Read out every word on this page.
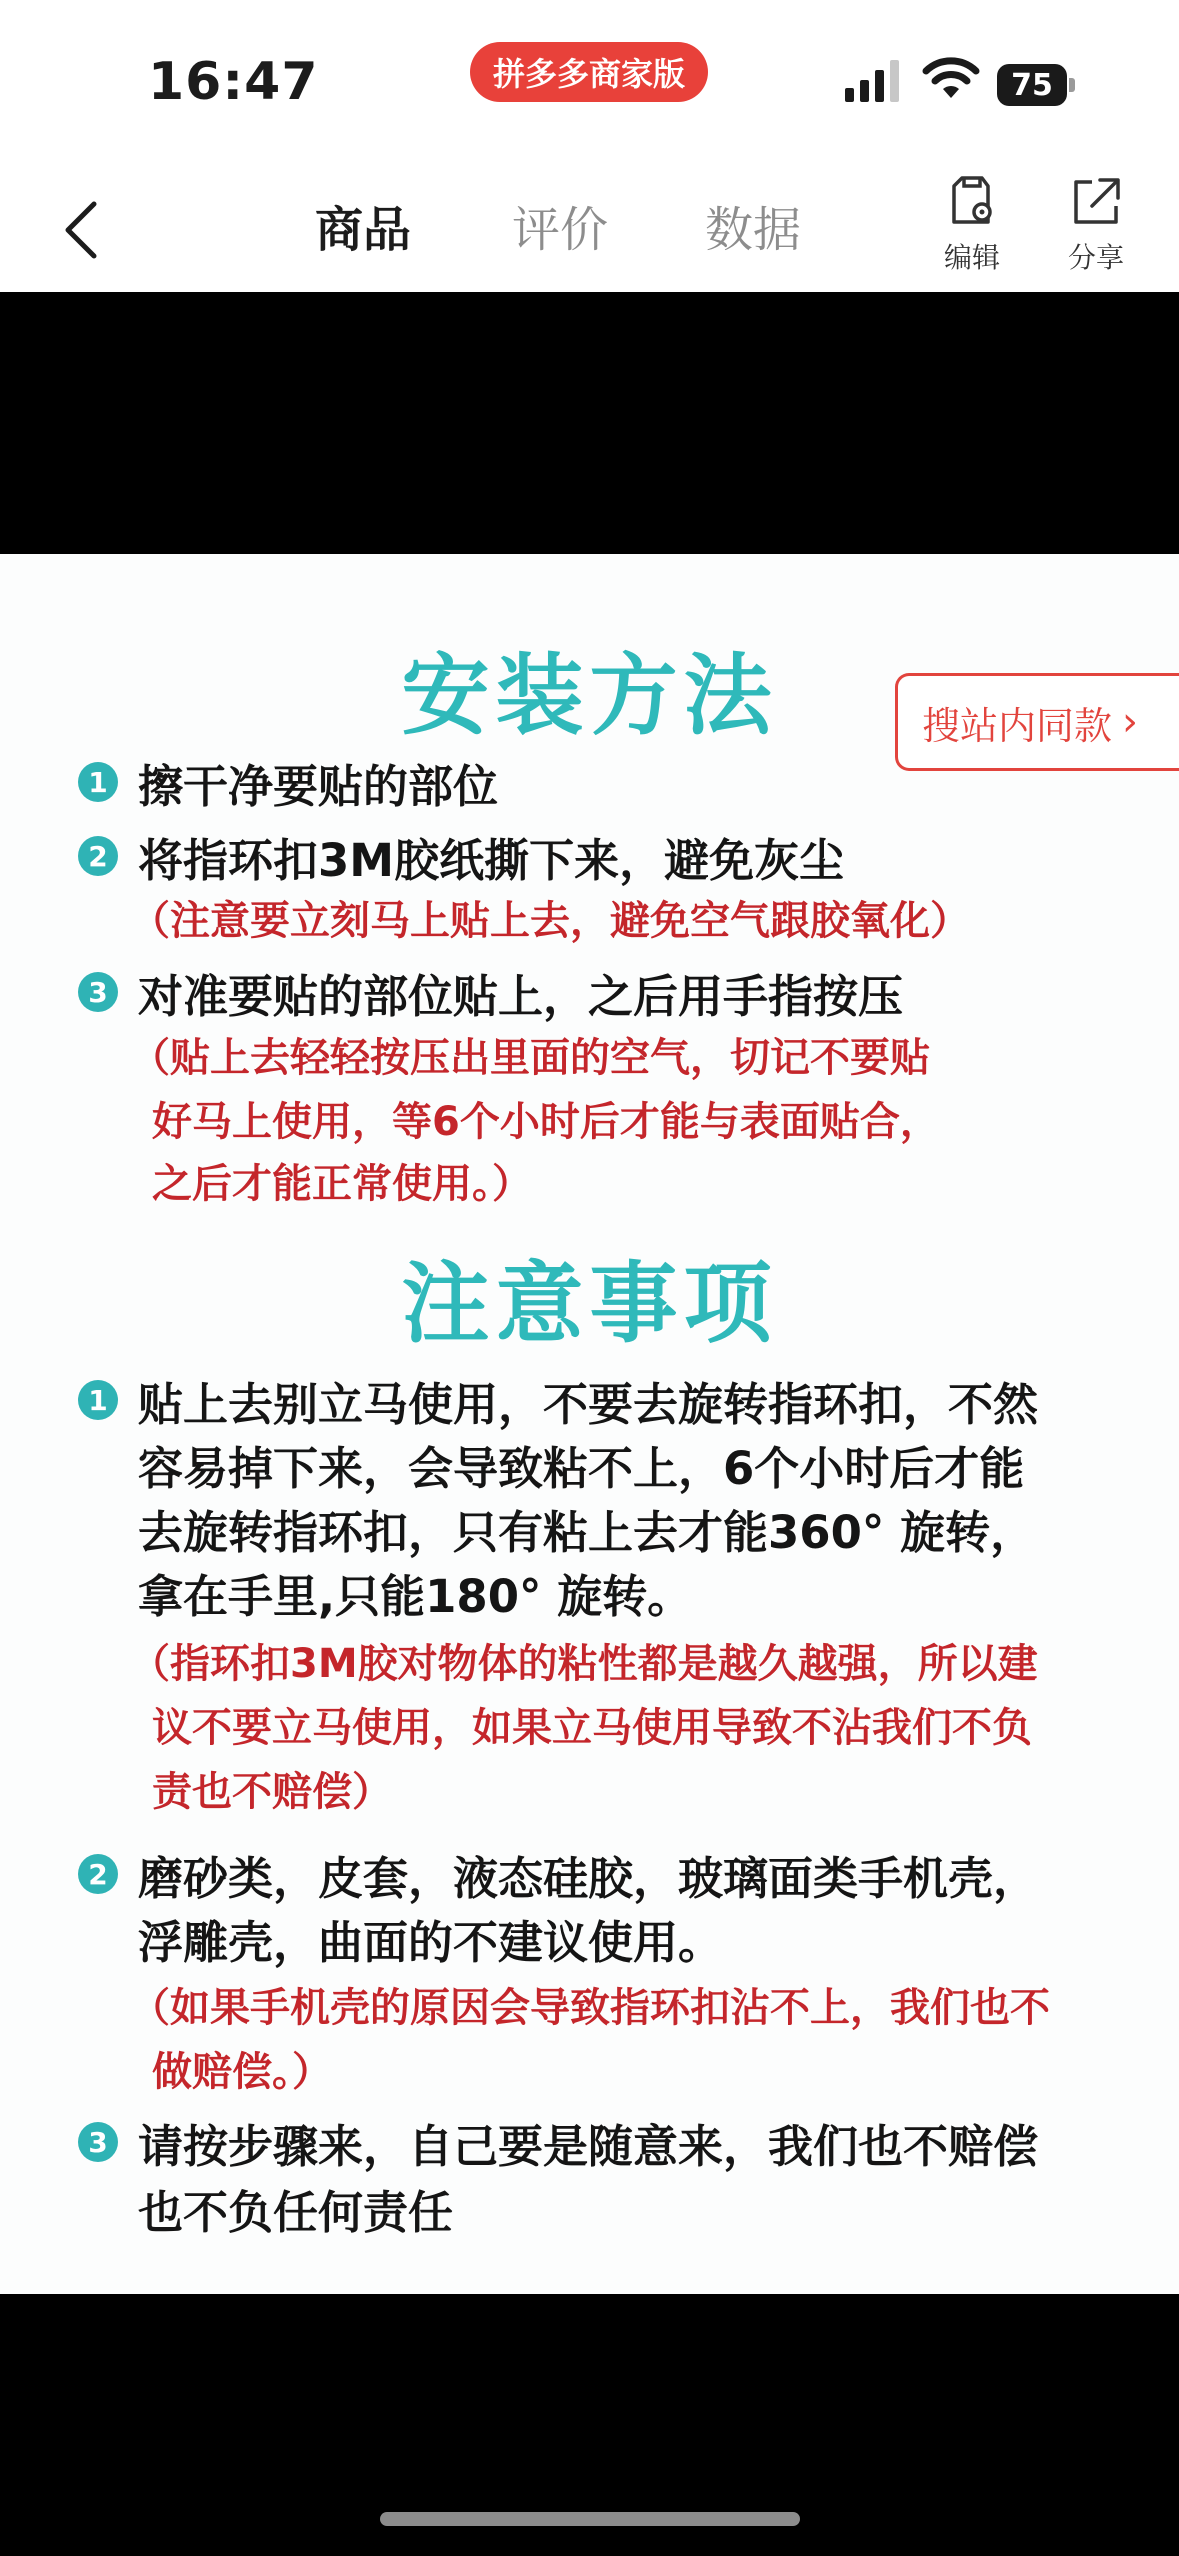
16:47	拼多多商家版	75
商品 评价 数据	编辑	分享
安装方法
1 擦干净要贴的部位
2 将指环扣3M胶纸撕下来，避免灰尘
（注意要立刻马上贴上去，避免空气跟胶氧化）
3 对准要贴的部位贴上，之后用手指按压
（贴上去轻轻按压出里面的空气，切记不要贴
好马上使用，等6个小时后才能与表面贴合，
之后才能正常使用。）
注意事项
1 贴上去别立马使用，不要去旋转指环扣，不然
容易掉下来，会导致粘不上，6个小时后才能
去旋转指环扣，只有粘上去才能360° 旋转，
拿在手里,只能180° 旋转。
（指环扣3M胶对物体的粘性都是越久越强，所以建
议不要立马使用，如果立马使用导致不沾我们不负
责也不赔偿）
2 磨砂类，皮套，液态硅胶，玻璃面类手机壳，
浮雕壳，曲面的不建议使用。
（如果手机壳的原因会导致指环扣沾不上，我们也不
做赔偿。）
3 请按步骤来，自己要是随意来，我们也不赔偿
也不负任何责任
搜站内同款 ›
